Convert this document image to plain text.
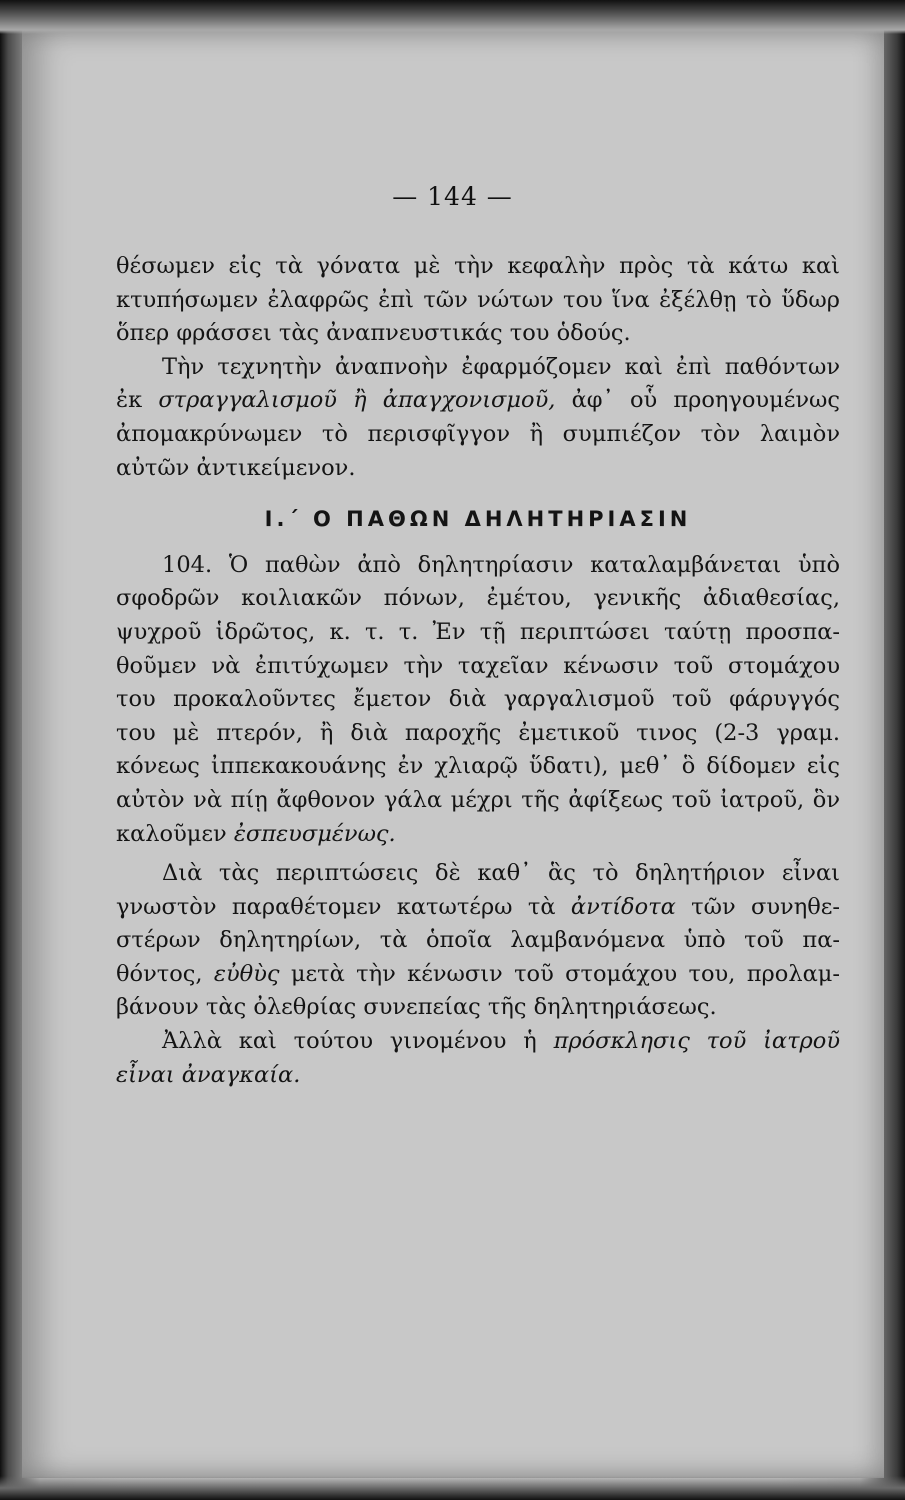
— 144 —
θέσωμεν εἰς τὰ γόνατα μὲ τὴν κεφαλὴν πρὸς τὰ κάτω καὶ
κτυπήσωμεν ἐλαφρῶς ἐπὶ τῶν νώτων του ἵνα ἐξέλθῃ τὸ ὕδωρ
ὅπερ φράσσει τὰς ἀναπνευστικάς του ὁδούς.
Τὴν τεχνητὴν ἀναπνοὴν ἐφαρμόζομεν καὶ ἐπὶ παθόντων
ἐκ στραγγαλισμοῦ ἢ ἀπαγχονισμοῦ, ἀφ᾿ οὗ προηγουμένως
ἀπομακρύνωμεν τὸ περισφῖγγον ἢ συμπιέζον τὸν λαιμὸν
αὐτῶν ἀντικείμενον.
Ι.΄ Ο ΠΑΘΩΝ ΔΗΛΗΤΗΡΙΑΣΙΝ
104. Ὁ παθὼν ἀπὸ δηλητηρίασιν καταλαμβάνεται ὑπὸ
σφοδρῶν κοιλιακῶν πόνων, ἐμέτου, γενικῆς ἀδιαθεσίας,
ψυχροῦ ἱδρῶτος, κ. τ. τ. Ἐν τῇ περιπτώσει ταύτῃ προσπα-
θοῦμεν νὰ ἐπιτύχωμεν τὴν ταχεῖαν κένωσιν τοῦ στομάχου
του προκαλοῦντες ἔμετον διὰ γαργαλισμοῦ τοῦ φάρυγγός
του μὲ πτερόν, ἢ διὰ παροχῆς ἐμετικοῦ τινος (2-3 γραμ.
κόνεως ἰππεκακουάνης ἐν χλιαρῷ ὕδατι), μεθ᾿ ὃ δίδομεν εἰς
αὐτὸν νὰ πίῃ ἄφθονον γάλα μέχρι τῆς ἀφίξεως τοῦ ἰατροῦ, ὃν
καλοῦμεν ἐσπευσμένως.
Διὰ τὰς περιπτώσεις δὲ καθ᾿ ἃς τὸ δηλητήριον εἶναι
γνωστὸν παραθέτομεν κατωτέρω τὰ ἀντίδοτα τῶν συνηθε-
στέρων δηλητηρίων, τὰ ὁποῖα λαμβανόμενα ὑπὸ τοῦ πα-
θόντος, εὐθὺς μετὰ τὴν κένωσιν τοῦ στομάχου του, προλαμ-
βάνουν τὰς ὀλεθρίας συνεπείας τῆς δηλητηριάσεως.
Ἀλλὰ καὶ τούτου γινομένου ἡ πρόσκλησις τοῦ ἰατροῦ
εἶναι ἀναγκαία.
